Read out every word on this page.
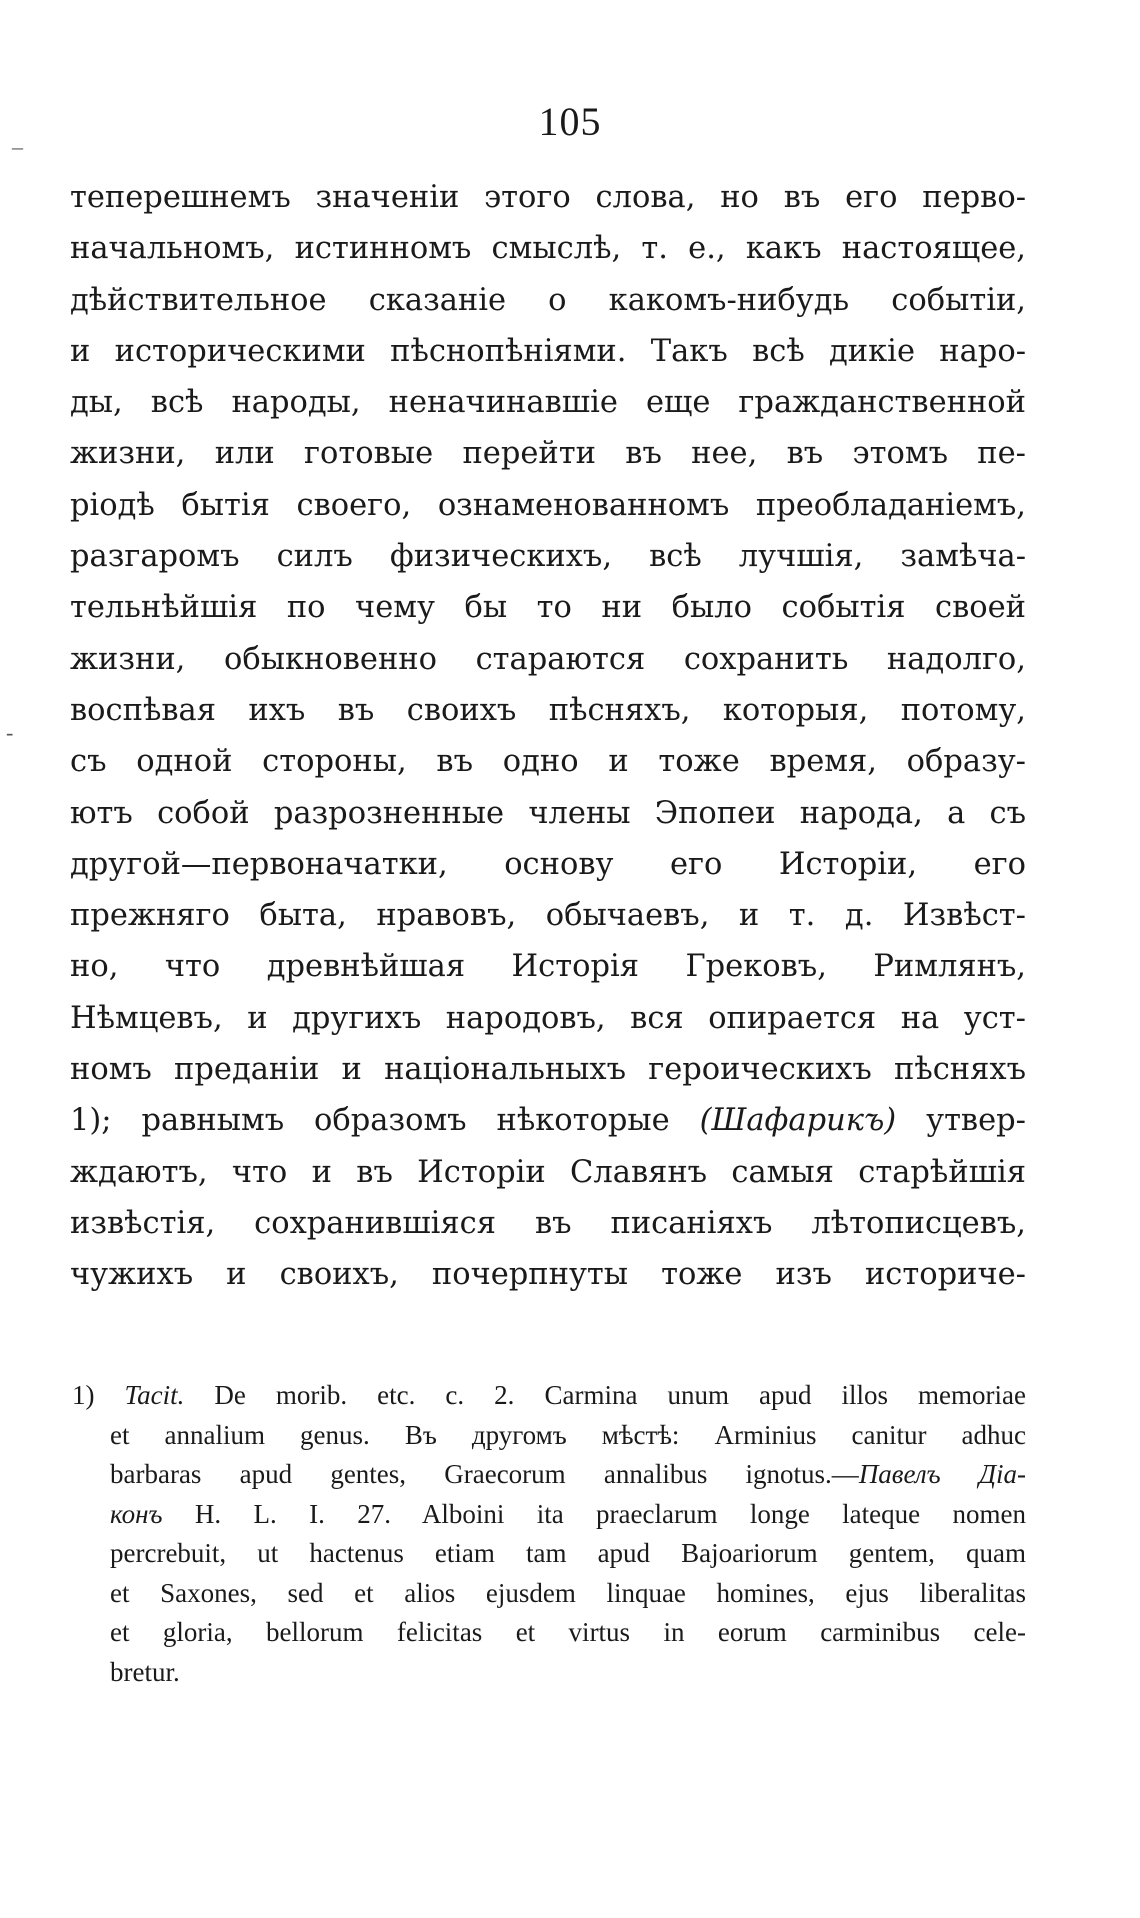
105
–
-
теперешнемъ значеніи этого слова, но въ его перво-
начальномъ, истинномъ смыслѣ, т. е., какъ настоящее,
дѣйствительное сказаніе о какомъ-нибудь событіи,
и историческими пѣснопѣніями. Такъ всѣ дикіе наро-
ды, всѣ народы, неначинавшіе еще гражданственной
жизни, или готовые перейти въ нее, въ этомъ пе-
ріодѣ бытія своего, ознаменованномъ преобладаніемъ,
разгаромъ силъ физическихъ, всѣ лучшія, замѣча-
тельнѣйшія по чему бы то ни было событія своей
жизни, обыкновенно стараются сохранить надолго,
воспѣвая ихъ въ своихъ пѣсняхъ, которыя, потому,
съ одной стороны, въ одно и тоже время, образу-
ютъ собой разрозненные члены Эпопеи народа, а съ
другой—первоначатки, основу его Исторіи, его
прежняго быта, нравовъ, обычаевъ, и т. д. Извѣст-
но, что древнѣйшая Исторія Грековъ, Римлянъ,
Нѣмцевъ, и другихъ народовъ, вся опирается на уст-
номъ преданіи и національныхъ героическихъ пѣсняхъ
1); равнымъ образомъ нѣкоторые (Шафарикъ) утвер-
ждаютъ, что и въ Исторіи Славянъ самыя старѣйшія
извѣстія, сохранившіяся въ писаніяхъ лѣтописцевъ,
чужихъ и своихъ, почерпнуты тоже изъ историче-
1) Tacit. De morib. etc. c. 2. Carmina unum apud illos memoriae
et annalium genus. Въ другомъ мѣстѣ: Arminius canitur adhuc
barbaras apud gentes, Graecorum annalibus ignotus.—Павелъ Діа-
конъ H. L. I. 27. Alboini ita praeclarum longe lateque nomen
percrebuit, ut hactenus etiam tam apud Bajoariorum gentem, quam
et Saxones, sed et alios ejusdem linquae homines, ejus liberalitas
et gloria, bellorum felicitas et virtus in eorum carminibus cele-
bretur.
